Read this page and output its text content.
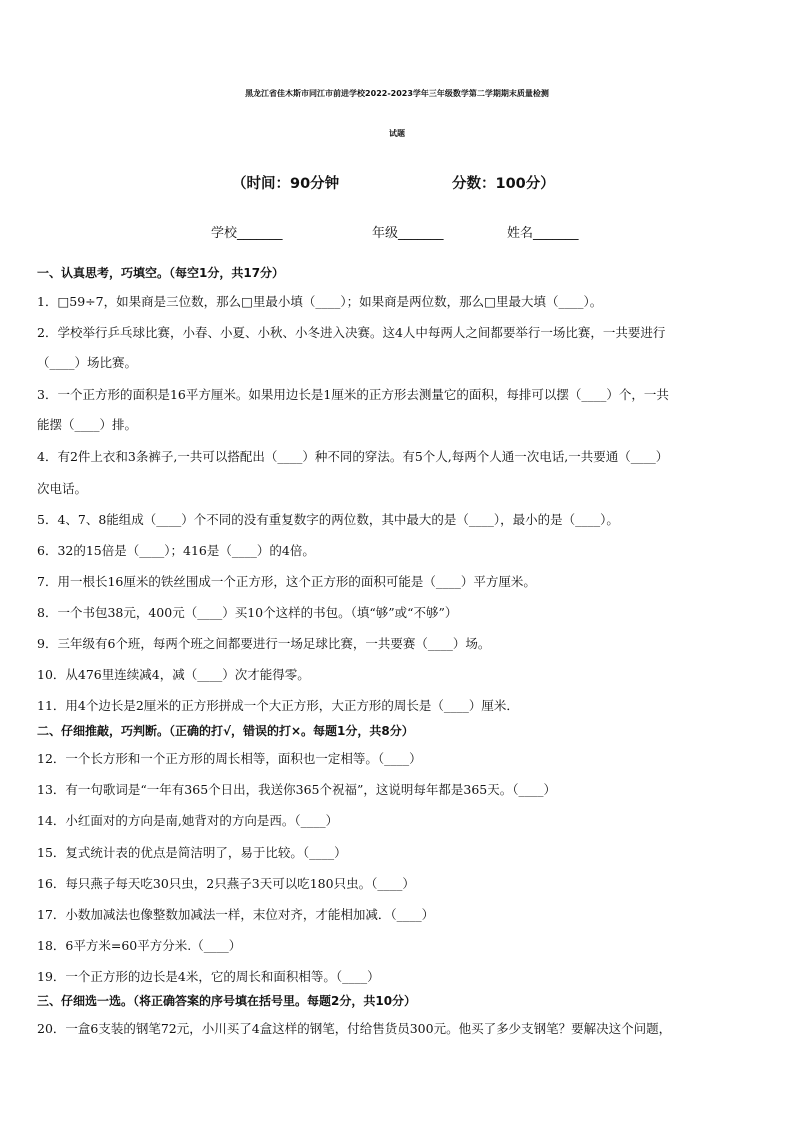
黑龙江省佳木斯市同江市前进学校2022-2023学年三年级数学第二学期期末质量检测
试题
（时间：90分钟	分数：100分）
学校_______	年级_______	姓名_______
一、认真思考，巧填空。（每空1分，共17分）
1．□59÷7，如果商是三位数，那么□里最小填（____）；如果商是两位数，那么□里最大填（____）。
2．学校举行乒乓球比赛，小春、小夏、小秋、小冬进入决赛。这4人中每两人之间都要举行一场比赛，一共要进行
（____）场比赛。
3．一个正方形的面积是16平方厘米。如果用边长是1厘米的正方形去测量它的面积，每排可以摆（____）个，一共
能摆（____）排。
4．有2件上衣和3条裤子,一共可以搭配出（____）种不同的穿法。有5个人,每两个人通一次电话,一共要通（____）
次电话。
5．4、7、8能组成（____）个不同的没有重复数字的两位数，其中最大的是（____），最小的是（____）。
6．32的15倍是（____）；416是（____）的4倍。
7．用一根长16厘米的铁丝围成一个正方形，这个正方形的面积可能是（____）平方厘米。
8．一个书包38元，400元（____）买10个这样的书包。（填“够”或“不够”）
9．三年级有6个班，每两个班之间都要进行一场足球比赛，一共要赛（____）场。
10．从476里连续减4，减（____）次才能得零。
11．用4个边长是2厘米的正方形拼成一个大正方形，大正方形的周长是（____）厘米．
二、仔细推敲，巧判断。（正确的打√，错误的打×。每题1分，共8分）
12．一个长方形和一个正方形的周长相等，面积也一定相等。（____）
13．有一句歌词是“一年有365个日出，我送你365个祝福”，这说明每年都是365天。（____）
14．小红面对的方向是南,她背对的方向是西。（____）
15．复式统计表的优点是简洁明了，易于比较。（____）
16．每只燕子每天吃30只虫，2只燕子3天可以吃180只虫。（____）
17．小数加减法也像整数加减法一样，末位对齐，才能相加减．（____）
18．6平方米=60平方分米.（____）
19．一个正方形的边长是4米，它的周长和面积相等。（____）
三、仔细选一选。（将正确答案的序号填在括号里。每题2分，共10分）
20．一盒6支装的钢笔72元，小川买了4盒这样的钢笔，付给售货员300元。他买了多少支钢笔？要解决这个问题，
